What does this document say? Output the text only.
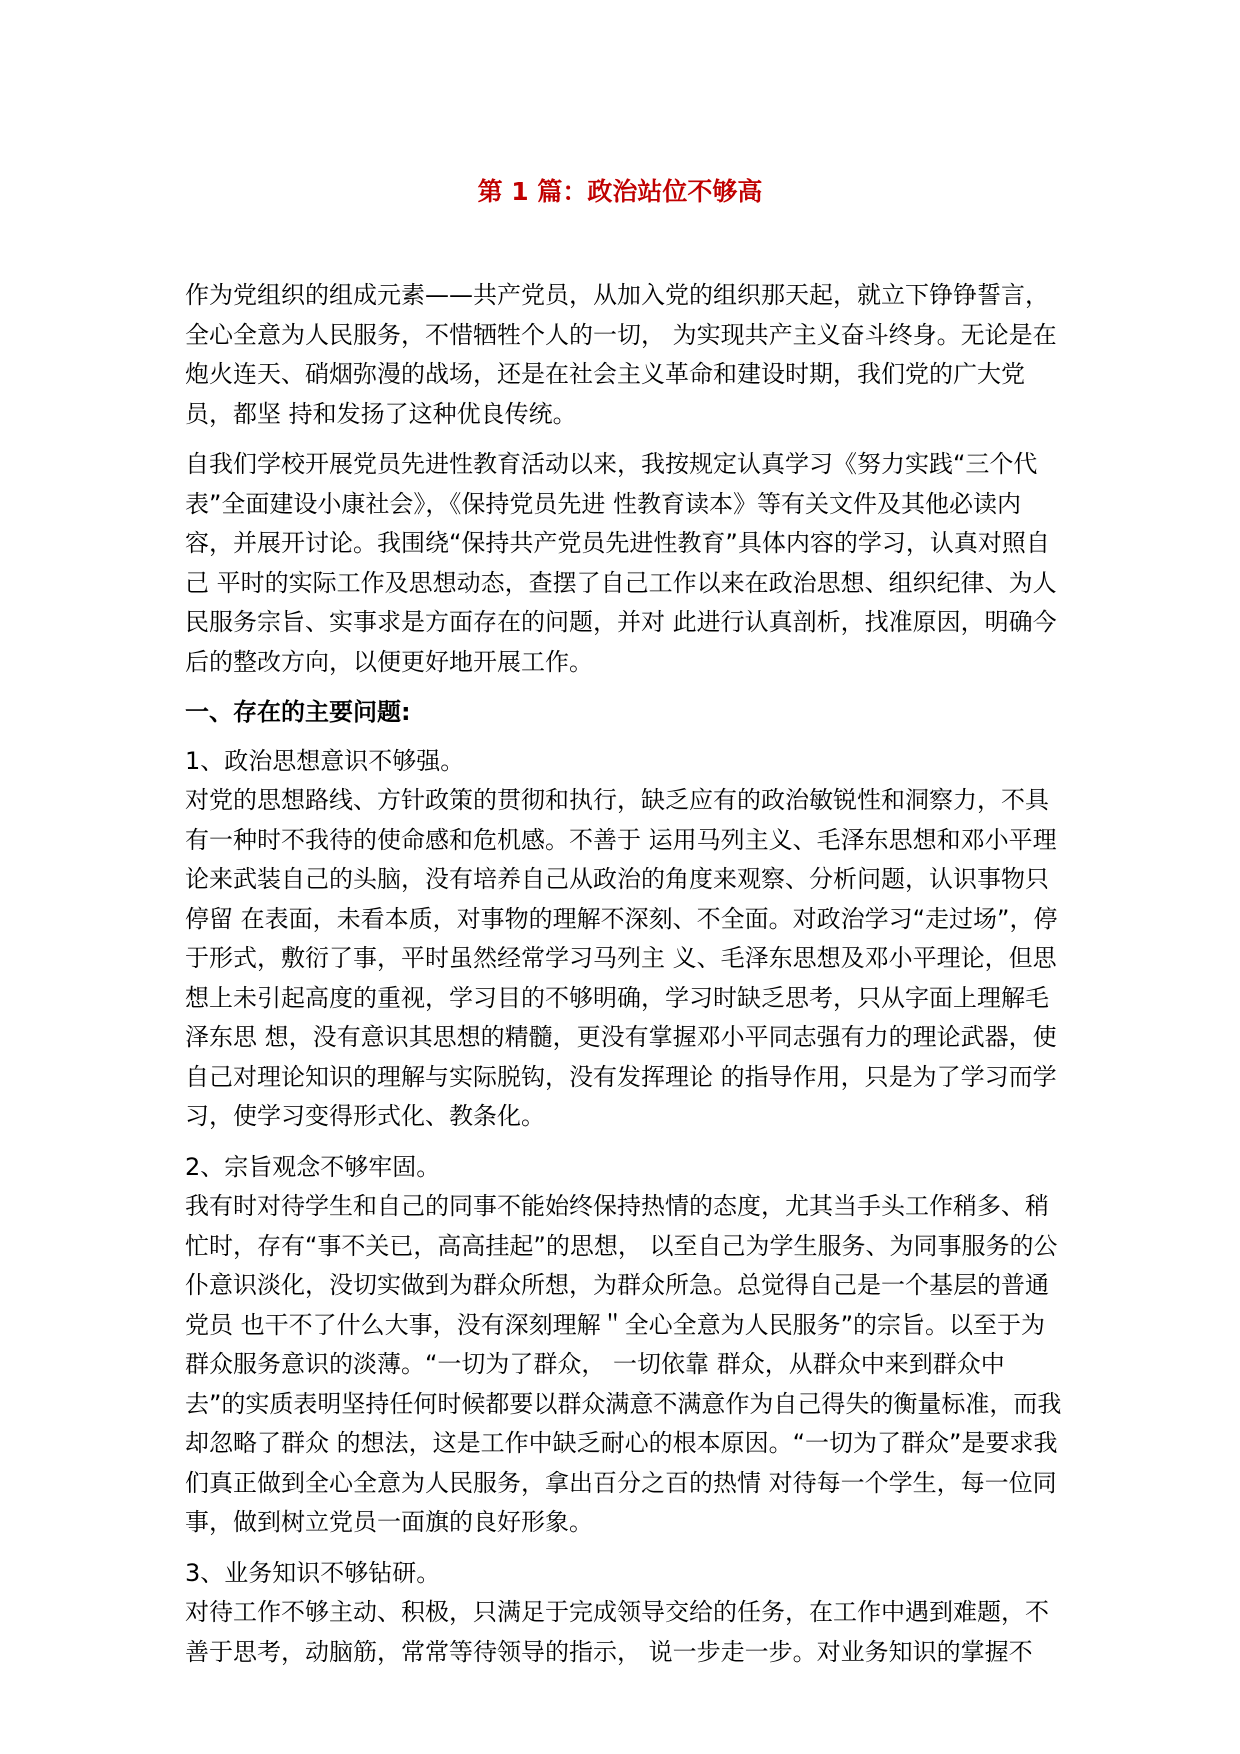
第 1 篇：政治站位不够高

作为党组织的组成元素——共产党员，从加入党的组织那天起，就立下铮铮誓言，全心全意为人民服务，不惜牺牲个人的一切， 为实现共产主义奋斗终身。无论是在炮火连天、硝烟弥漫的战场，还是在社会主义革命和建设时期，我们党的广大党员，都坚 持和发扬了这种优良传统。

自我们学校开展党员先进性教育活动以来，我按规定认真学习《努力实践“三个代表”全面建设小康社会》，《保持党员先进 性教育读本》等有关文件及其他必读内容，并展开讨论。我围绕“保持共产党员先进性教育”具体内容的学习，认真对照自己 平时的实际工作及思想动态，查摆了自己工作以来在政治思想、组织纪律、为人民服务宗旨、实事求是方面存在的问题，并对 此进行认真剖析，找准原因，明确今后的整改方向，以便更好地开展工作。

一、存在的主要问题:

1、政治思想意识不够强。

对党的思想路线、方针政策的贯彻和执行，缺乏应有的政治敏锐性和洞察力，不具有一种时不我待的使命感和危机感。不善于 运用马列主义、毛泽东思想和邓小平理论来武装自己的头脑，没有培养自己从政治的角度来观察、分析问题，认识事物只停留 在表面，未看本质，对事物的理解不深刻、不全面。对政治学习“走过场”，停于形式，敷衍了事，平时虽然经常学习马列主 义、毛泽东思想及邓小平理论，但思想上未引起高度的重视，学习目的不够明确，学习时缺乏思考，只从字面上理解毛泽东思 想，没有意识其思想的精髓，更没有掌握邓小平同志强有力的理论武器，使自己对理论知识的理解与实际脱钩，没有发挥理论 的指导作用，只是为了学习而学习，使学习变得形式化、教条化。

2、宗旨观念不够牢固。

我有时对待学生和自己的同事不能始终保持热情的态度，尤其当手头工作稍多、稍忙时，存有“事不关已，高高挂起”的思想， 以至自己为学生服务、为同事服务的公仆意识淡化，没切实做到为群众所想，为群众所急。总觉得自己是一个基层的普通党员 也干不了什么大事，没有深刻理解＂全心全意为人民服务”的宗旨。以至于为群众服务意识的淡薄。“一切为了群众， 一切依靠 群众，从群众中来到群众中去”的实质表明坚持任何时候都要以群众满意不满意作为自己得失的衡量标准，而我却忽略了群众 的想法，这是工作中缺乏耐心的根本原因。“一切为了群众”是要求我们真正做到全心全意为人民服务，拿出百分之百的热情 对待每一个学生，每一位同事，做到树立党员一面旗的良好形象。

3、业务知识不够钻研。

对待工作不够主动、积极，只满足于完成领导交给的任务，在工作中遇到难题，不善于思考，动脑筋，常常等待领导的指示， 说一步走一步。对业务知识的掌握不
